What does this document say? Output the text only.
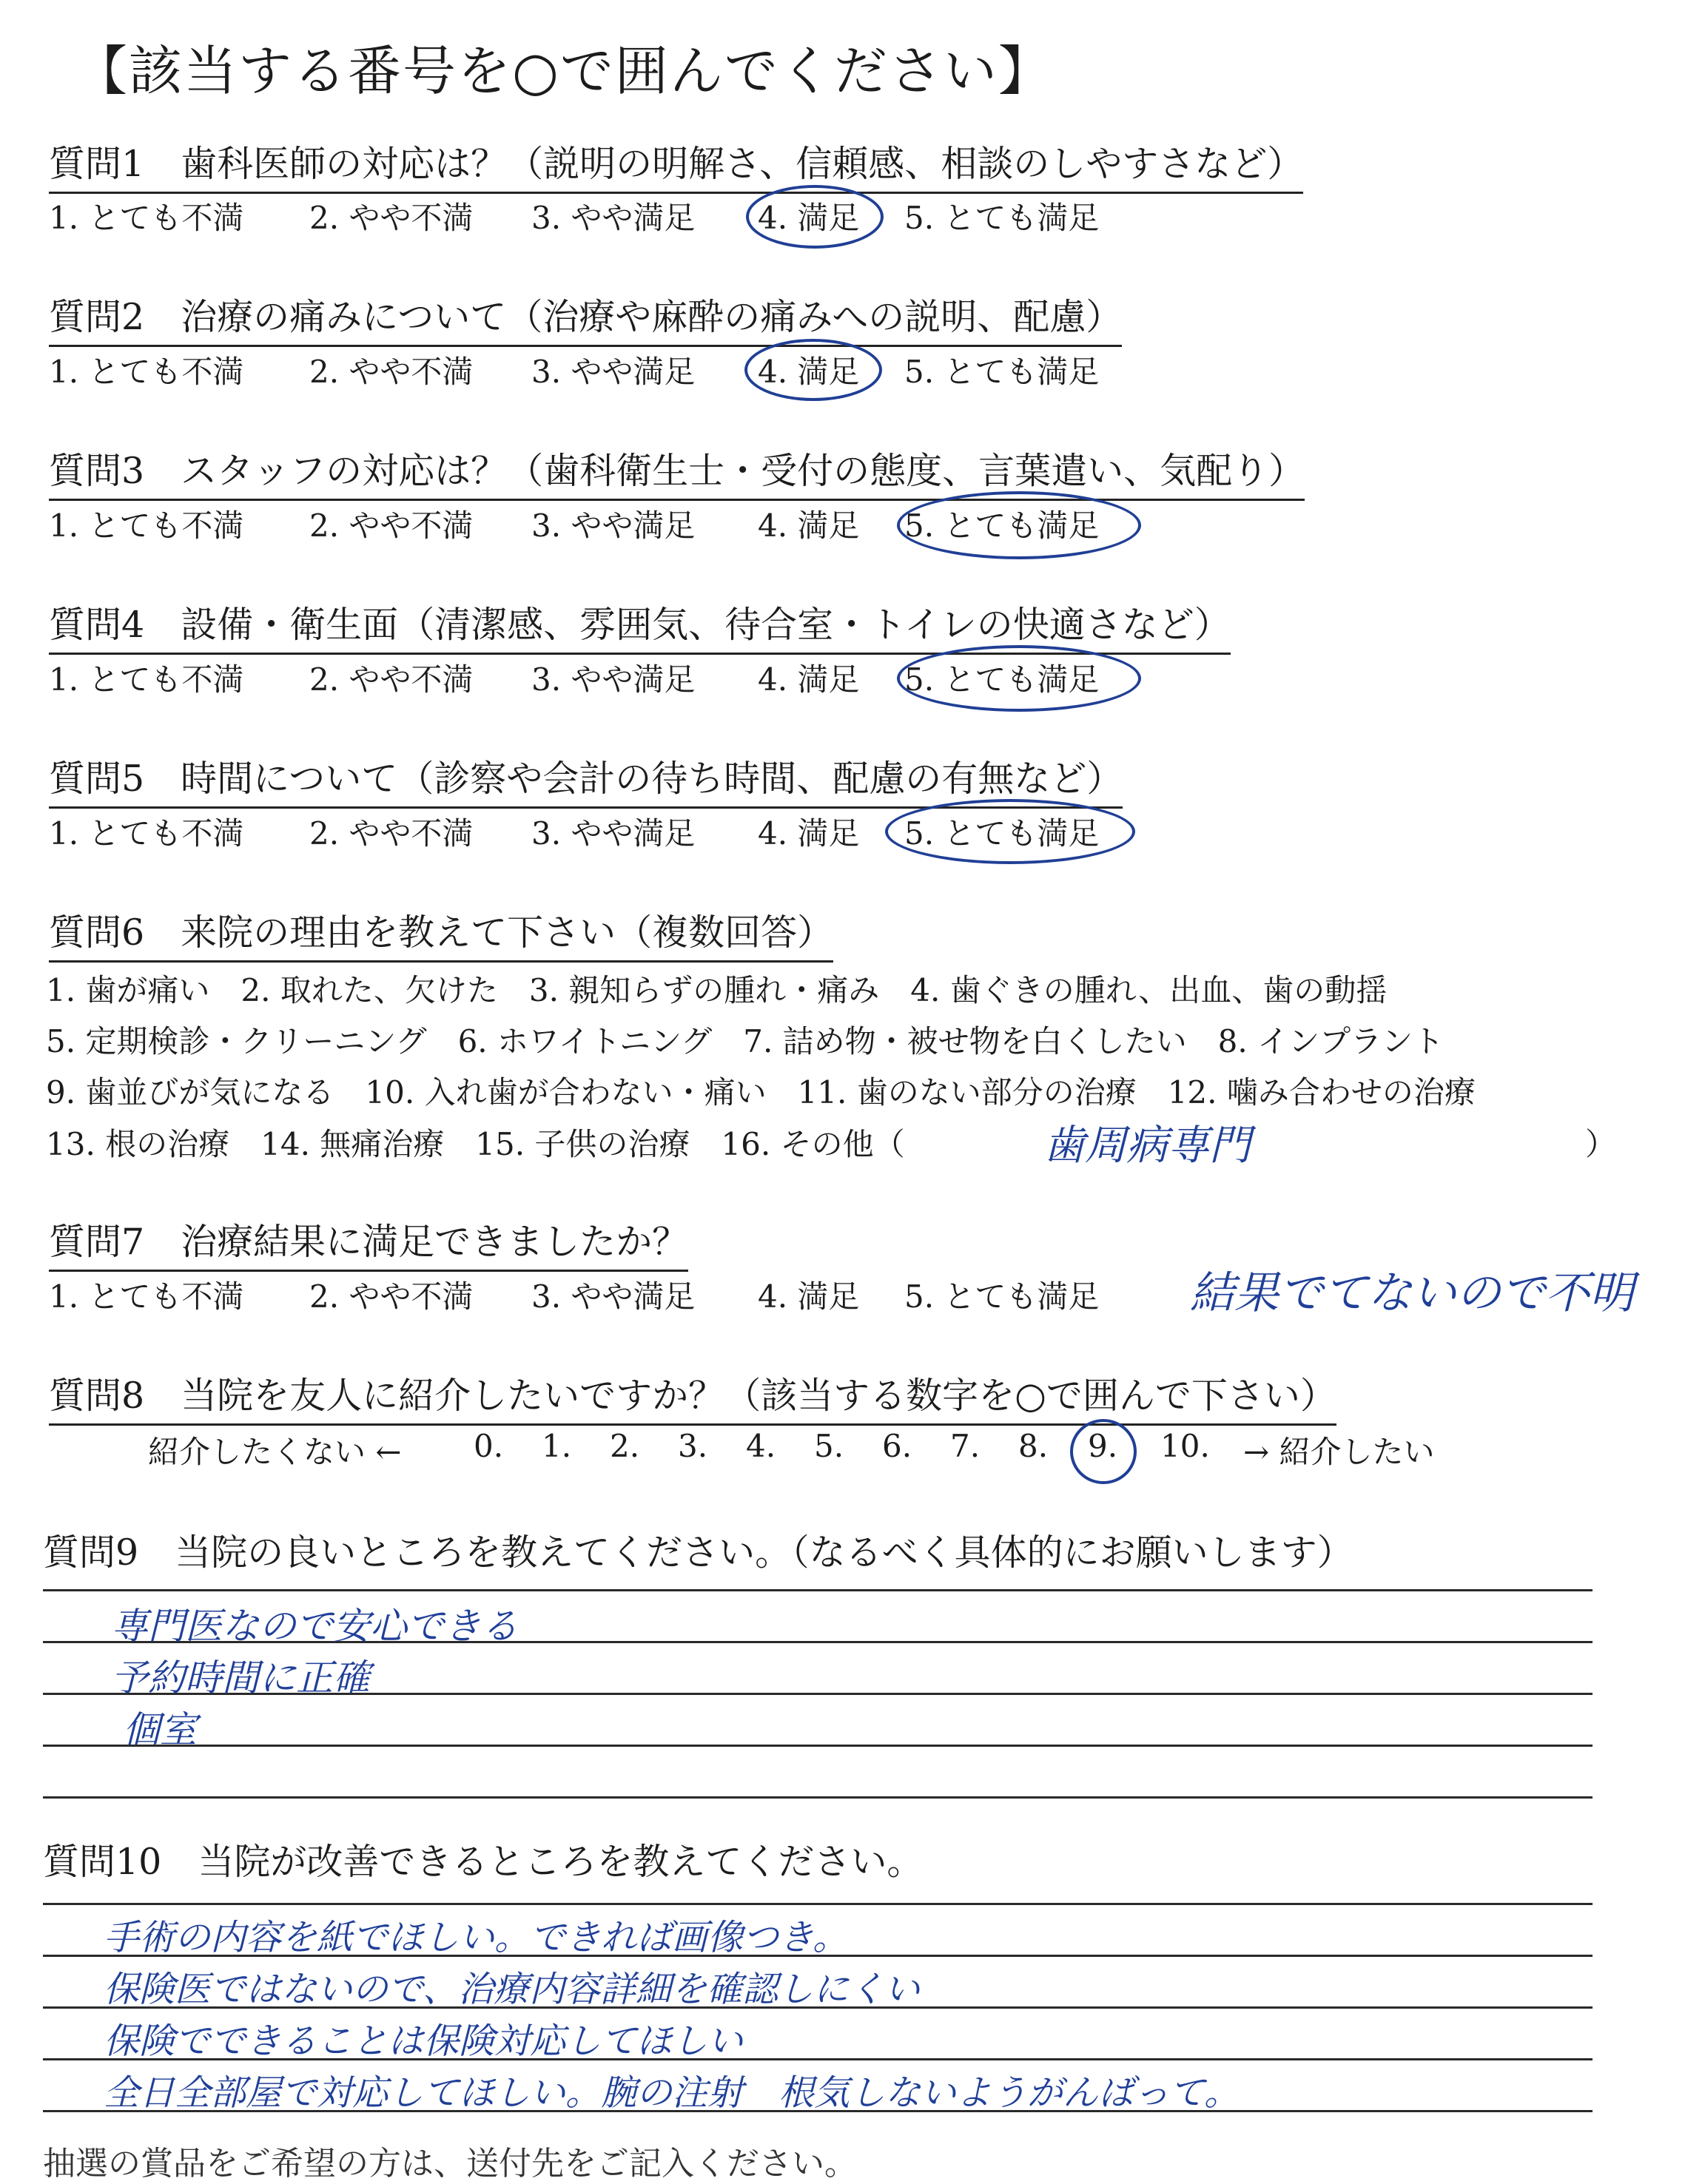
【該当する番号を○で囲んでください】
質問1　歯科医師の対応は？（説明の明解さ、信頼感、相談のしやすさなど）
1. とても不満 2. やや不満 3. やや満足 4. 満足 5. とても満足
質問2　治療の痛みについて（治療や麻酔の痛みへの説明、配慮）
1. とても不満 2. やや不満 3. やや満足 4. 満足 5. とても満足
質問3　スタッフの対応は？（歯科衛生士・受付の態度、言葉遣い、気配り）
1. とても不満 2. やや不満 3. やや満足 4. 満足 5. とても満足
質問4　設備・衛生面（清潔感、雰囲気、待合室・トイレの快適さなど）
1. とても不満 2. やや不満 3. やや満足 4. 満足 5. とても満足
質問5　時間について（診察や会計の待ち時間、配慮の有無など）
1. とても不満 2. やや不満 3. やや満足 4. 満足 5. とても満足
質問6　来院の理由を教えて下さい（複数回答）
1. 歯が痛い　2. 取れた、欠けた　3. 親知らずの腫れ・痛み　4. 歯ぐきの腫れ、出血、歯の動揺
5. 定期検診・クリーニング　6. ホワイトニング　7. 詰め物・被せ物を白くしたい　8. インプラント
9. 歯並びが気になる　10. 入れ歯が合わない・痛い　11. 歯のない部分の治療　12. 噛み合わせの治療
13. 根の治療　14. 無痛治療　15. 子供の治療　16. その他（	歯周病専門	）
質問7　治療結果に満足できましたか？
1. とても不満 2. やや不満 3. やや満足 4. 満足 5. とても満足 結果でてないので不明
質問8　当院を友人に紹介したいですか？（該当する数字を○で囲んで下さい）
紹介したくない ← 0. 1. 2. 3. 4. 5. 6. 7. 8. 9. 10. → 紹介したい
質問9　当院の良いところを教えてください。（なるべく具体的にお願いします）
専門医なので安心できる
予約時間に正確
個室
質問10　当院が改善できるところを教えてください。
手術の内容を紙でほしい。できれば画像つき。
保険医ではないので、治療内容詳細を確認しにくい
保険でできることは保険対応してほしい
全日全部屋で対応してほしい。腕の注射　根気しないようがんばって。
抽選の賞品をご希望の方は、送付先をご記入ください。
